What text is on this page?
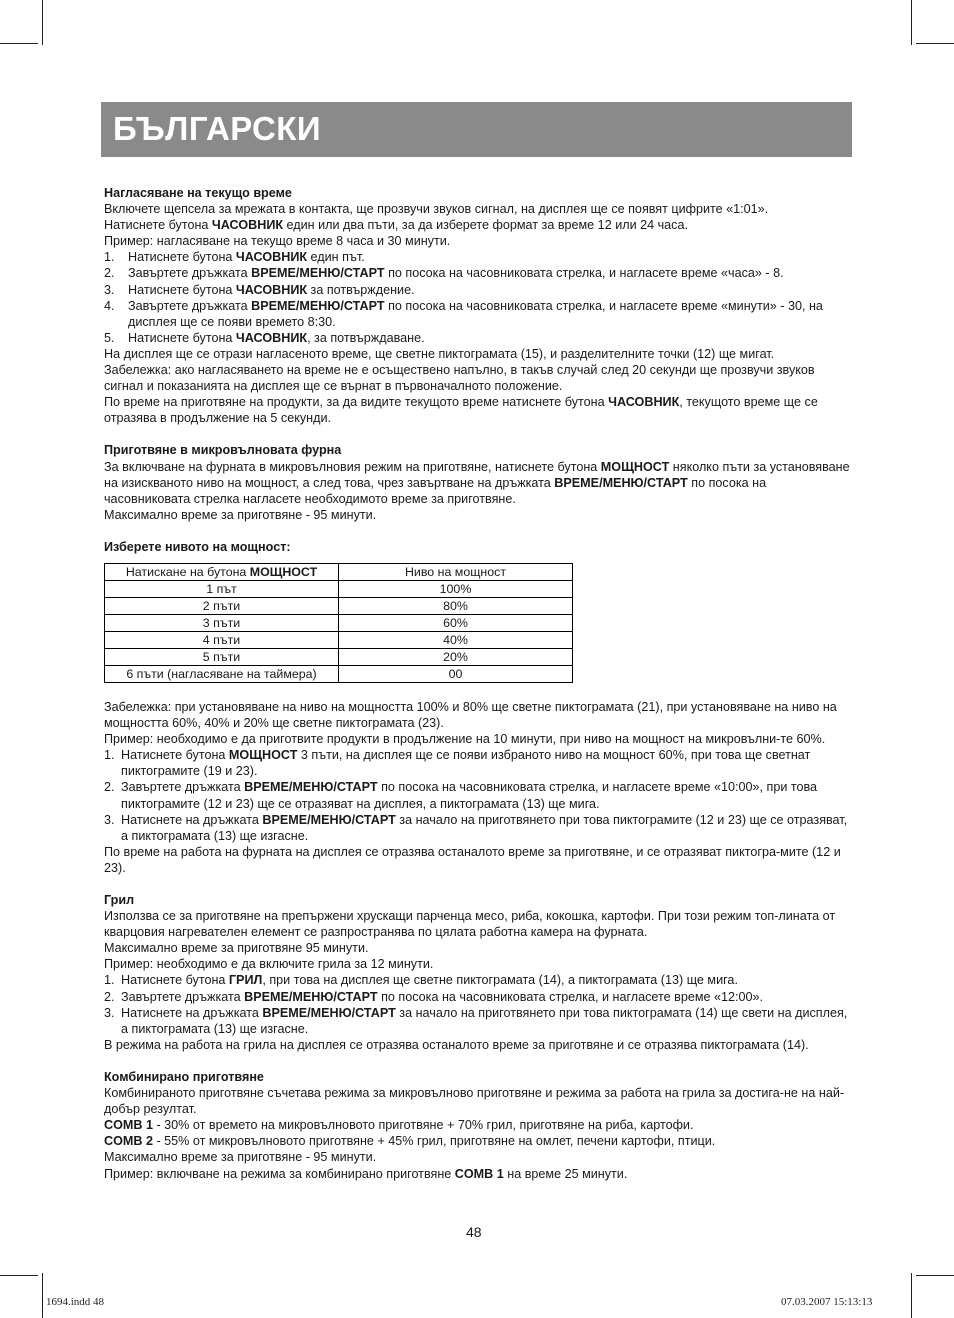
БЪЛГАРСКИ

Нагласяване на текущо време

Включете щепсела за мрежата в контакта, ще прозвучи звуков сигнал, на дисплея ще се появят цифрите «1:01».

Натиснете бутона ЧАСОВНИК един или два пъти, за да изберете формат за време 12 или 24 часа.

Пример: нагласяване на текущо време 8 часа и 30 минути.

1.	Натиснете бутона ЧАСОВНИК един път.
2.	Завъртете дръжката ВРЕМЕ/МЕНЮ/СТАРТ по посока на часовниковата стрелка, и нагласете време «часа» - 8.
3.	Натиснете бутона ЧАСОВНИК за потвърждение.
4.	Завъртете дръжката ВРЕМЕ/МЕНЮ/СТАРТ по посока на часовниковата стрелка, и нагласете време «минути» - 30, на дисплея ще се появи времето 8:30.
5.	Натиснете бутона ЧАСОВНИК, за потвърждаване.

На дисплея ще се отрази нагласеното време, ще светне пиктограмата (15), и разделителните точки (12) ще мигат.

Забележка: ако нагласяването на време не е осъществено напълно, в такъв случай след 20 секунди ще прозвучи звуков сигнал и показанията на дисплея ще се върнат в първоначалното положение.

По време на приготвяне на продукти, за да видите текущото време натиснете бутона ЧАСОВНИК, текущото време ще се отразява в продължение на 5 секунди.

Приготвяне в микровълновата фурна

За включване на фурната в микровълновия режим на приготвяне, натиснете бутона МОЩНОСТ няколко пъти за установяване на изискваното ниво на мощност, а след това, чрез завъртване на дръжката ВРЕМЕ/МЕНЮ/СТАРТ по посока на часовниковата стрелка нагласете необходимото време за приготвяне.

Максимално време за приготвяне - 95 минути.

Изберете нивото на мощност:

Натискане на бутона МОЩНОСТ	Ниво на мощност
1 път	100%
2 пъти	80%
3 пъти	60%
4 пъти	40%
5 пъти	20%
6 пъти (нагласяване на таймера)	00

Забележка: при установяване на ниво на мощността 100% и 80% ще светне пиктограмата (21), при установяване на ниво на мощността 60%, 40% и 20% ще светне пиктограмата (23).

Пример: необходимо е да приготвите продукти в продължение на 10 минути, при ниво на мощност на микровълни-те 60%.

1. Натиснете бутона МОЩНОСТ 3 пъти, на дисплея ще се появи избраното ниво на мощност 60%, при това ще светнат пиктограмите (19 и 23).
2. Завъртете дръжката ВРЕМЕ/МЕНЮ/СТАРТ по посока на часовниковата стрелка, и нагласете време «10:00», при това пиктограмите (12 и 23) ще се отразяват на дисплея, а пиктограмата (13) ще мига.
3. Натиснете на дръжката ВРЕМЕ/МЕНЮ/СТАРТ за начало на приготвянето при това пиктограмите (12 и 23) ще се отразяват, а пиктограмата (13) ще изгасне.

По време на работа на фурната на дисплея се отразява останалото време за приготвяне, и се отразяват пиктогра-мите (12 и 23).

Грил

Използва се за приготвяне на препържени хрускащи парченца месо, риба, кокошка, картофи. При този режим топ-лината от кварцовия нагревателен елемент се разпространява по цялата работна камера на фурната.

Максимално време за приготвяне 95 минути.

Пример: необходимо е да включите грила за 12 минути.

1. Натиснете бутона ГРИЛ, при това на дисплея ще светне пиктограмата (14), а пиктограмата (13) ще мига.
2. Завъртете дръжката ВРЕМЕ/МЕНЮ/СТАРТ по посока на часовниковата стрелка, и нагласете време «12:00».
3. Натиснете на дръжката ВРЕМЕ/МЕНЮ/СТАРТ за начало на приготвянето при това пиктограмата (14) ще свети на дисплея, а пиктограмата (13) ще изгасне.

В режима на работа на грила на дисплея се отразява останалото време за приготвяне и се отразява пиктограмата (14).

Комбинирано приготвяне

Комбинираното приготвяне съчетава режима за микровълново приготвяне и режима за работа на грила за достига-не на най-добър резултат.

COMB 1 - 30% от времето на микровълновото приготвяне + 70% грил, приготвяне на риба, картофи.

COMB 2 - 55% от микровълновото приготвяне + 45% грил, приготвяне на омлет, печени картофи, птици.

Максимално време за приготвяне - 95 минути.

Пример: включване на режима за комбинирано приготвяне COMB 1 на време 25 минути.

48
1694.indd 48	07.03.2007 15:13:13
